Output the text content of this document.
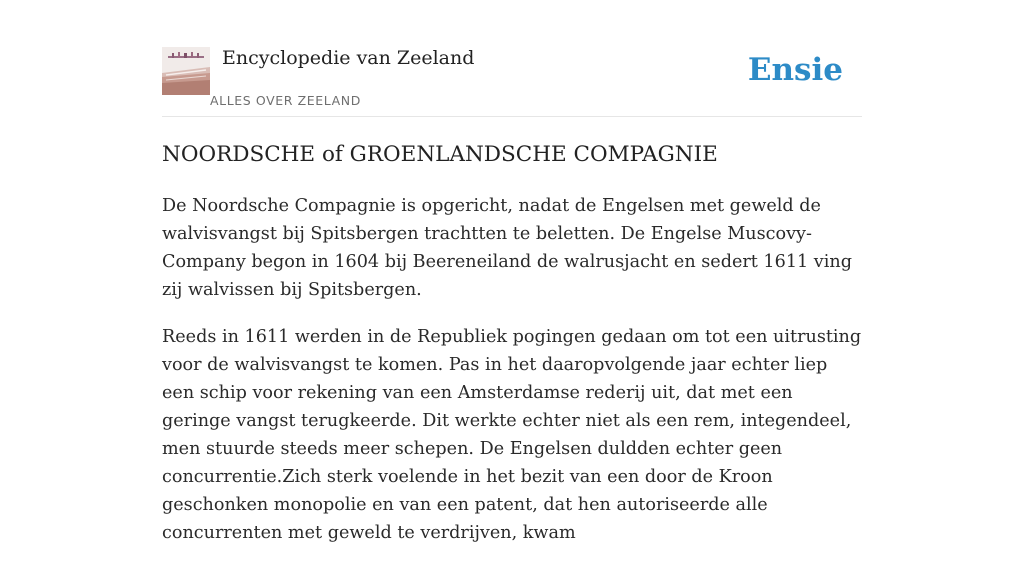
Encyclopedie van Zeeland
ALLES OVER ZEELAND
Ensie
NOORDSCHE of GROENLANDSCHE COMPAGNIE

De Noordsche Compagnie is opgericht, nadat de Engelsen met geweld de walvisvangst bij Spitsbergen trachtten te beletten. De Engelse Muscovy-Company begon in 1604 bij Beereneiland de walrusjacht en sedert 1611 ving zij walvissen bij Spitsbergen.

Reeds in 1611 werden in de Republiek pogingen gedaan om tot een uitrusting voor de walvisvangst te komen. Pas in het daaropvolgende jaar echter liep een schip voor rekening van een Amsterdamse rederij uit, dat met een geringe vangst terugkeerde. Dit werkte echter niet als een rem, integendeel, men stuurde steeds meer schepen. De Engelsen duldden echter geen concurrentie.Zich sterk voelende in het bezit van een door de Kroon geschonken monopolie en van een patent, dat hen autoriseerde alle concurrenten met geweld te verdrijven, kwam
